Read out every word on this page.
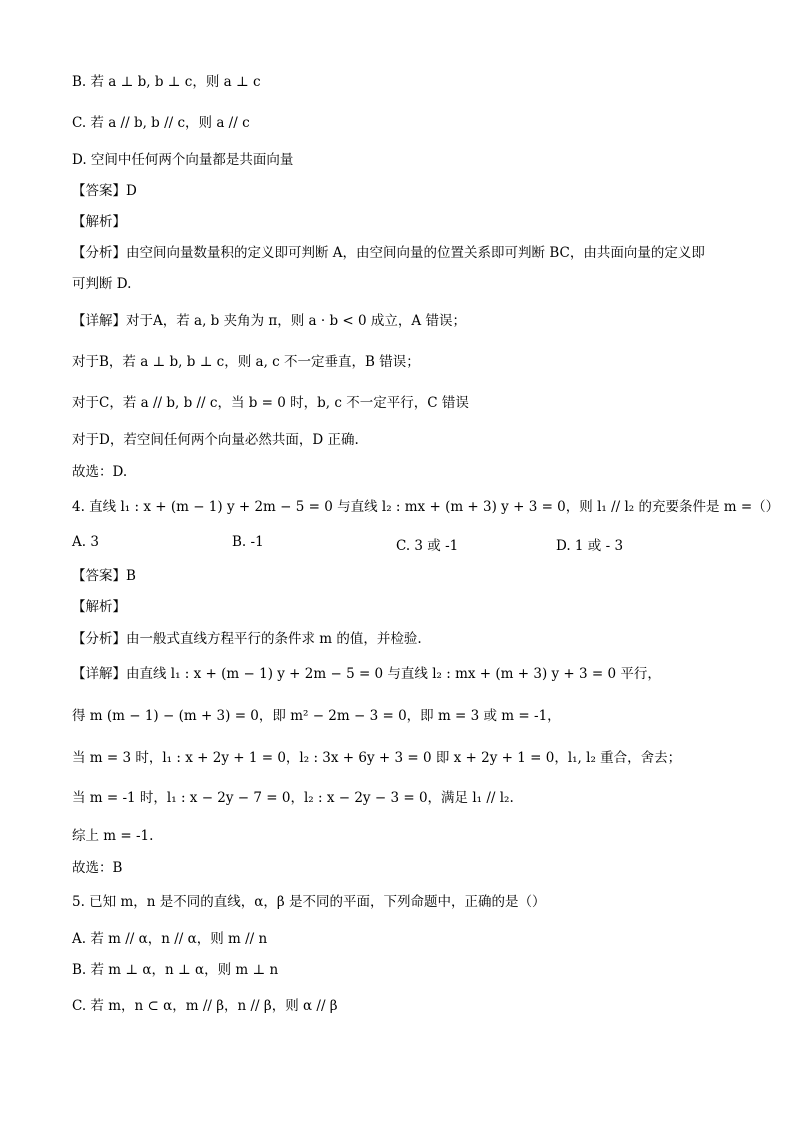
B. 若 a ⊥ b, b ⊥ c，则 a ⊥ c
C. 若 a // b, b // c，则 a // c
D. 空间中任何两个向量都是共面向量
【答案】D
【解析】
【分析】由空间向量数量积的定义即可判断 A，由空间向量的位置关系即可判断 BC，由共面向量的定义即
可判断 D.
【详解】对于A，若 a, b 夹角为 π，则 a · b < 0 成立，A 错误；
对于B，若 a ⊥ b, b ⊥ c，则 a, c 不一定垂直，B 错误；
对于C，若 a // b, b // c，当 b = 0 时，b, c 不一定平行，C 错误
对于D，若空间任何两个向量必然共面，D 正确.
故选：D.
4. 直线 l₁ : x + (m − 1) y + 2m − 5 = 0 与直线 l₂ : mx + (m + 3) y + 3 = 0，则 l₁ // l₂ 的充要条件是 m =（）
A. 3	B. -1	C. 3 或 -1	D. 1 或 - 3
【答案】B
【解析】
【分析】由一般式直线方程平行的条件求 m 的值，并检验.
【详解】由直线 l₁ : x + (m − 1) y + 2m − 5 = 0 与直线 l₂ : mx + (m + 3) y + 3 = 0 平行，
得 m (m − 1) − (m + 3) = 0，即 m² − 2m − 3 = 0，即 m = 3 或 m = -1，
当 m = 3 时，l₁ : x + 2y + 1 = 0，l₂ : 3x + 6y + 3 = 0 即 x + 2y + 1 = 0，l₁, l₂ 重合，舍去；
当 m = -1 时，l₁ : x − 2y − 7 = 0，l₂ : x − 2y − 3 = 0，满足 l₁ // l₂.
综上 m = -1.
故选：B
5. 已知 m，n 是不同的直线，α，β 是不同的平面，下列命题中，正确的是（）
A. 若 m // α，n // α，则 m // n
B. 若 m ⊥ α，n ⊥ α，则 m ⊥ n
C. 若 m，n ⊂ α，m // β，n // β，则 α // β
